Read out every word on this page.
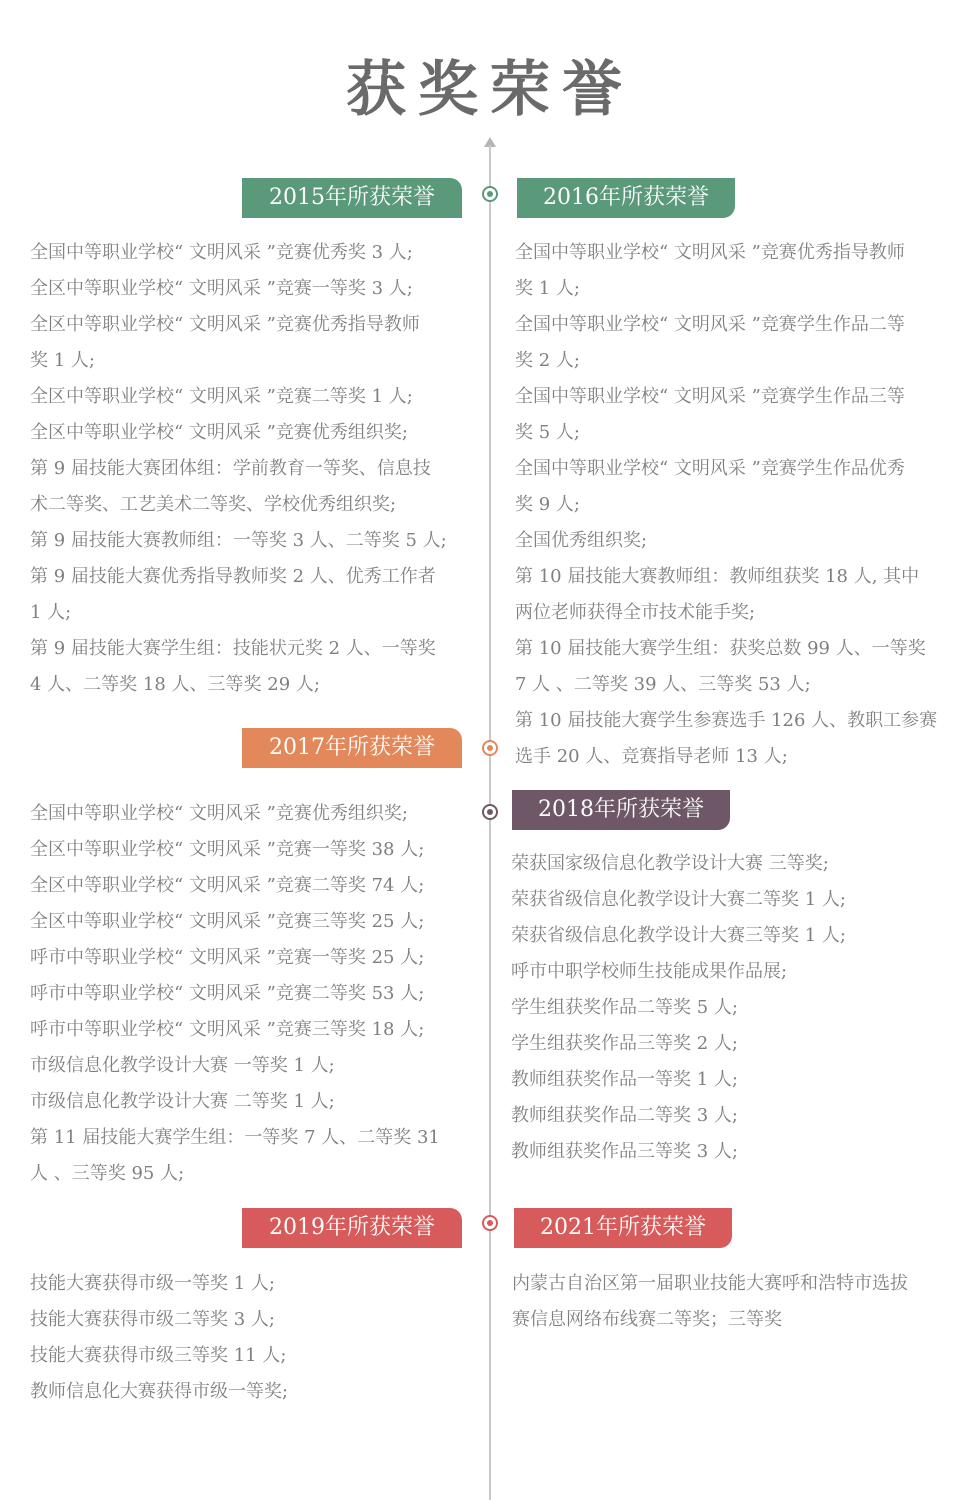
获奖荣誉
2015年所获荣誉
全国中等职业学校“ 文明风采 ”竞赛优秀奖 3 人;
全区中等职业学校“ 文明风采 ”竞赛一等奖 3 人;
全区中等职业学校“ 文明风采 ”竞赛优秀指导教师
奖 1 人;
全区中等职业学校“ 文明风采 ”竞赛二等奖 1 人;
全区中等职业学校“ 文明风采 ”竞赛优秀组织奖;
第 9 届技能大赛团体组：学前教育一等奖、信息技
术二等奖、工艺美术二等奖、学校优秀组织奖;
第 9 届技能大赛教师组：一等奖 3 人、二等奖 5 人;
第 9 届技能大赛优秀指导教师奖 2 人、优秀工作者
1 人;
第 9 届技能大赛学生组：技能状元奖 2 人、一等奖
4 人、二等奖 18 人、三等奖 29 人;
2016年所获荣誉
全国中等职业学校“ 文明风采 ”竞赛优秀指导教师
奖 1 人;
全国中等职业学校“ 文明风采 ”竞赛学生作品二等
奖 2 人;
全国中等职业学校“ 文明风采 ”竞赛学生作品三等
奖 5 人;
全国中等职业学校“ 文明风采 ”竞赛学生作品优秀
奖 9 人;
全国优秀组织奖;
第 10 届技能大赛教师组：教师组获奖 18 人, 其中
两位老师获得全市技术能手奖;
第 10 届技能大赛学生组：获奖总数 99 人、一等奖
7 人 、二等奖 39 人、三等奖 53 人;
第 10 届技能大赛学生参赛选手 126 人、教职工参赛
选手 20 人、竞赛指导老师 13 人;
2017年所获荣誉
全国中等职业学校“ 文明风采 ”竞赛优秀组织奖;
全区中等职业学校“ 文明风采 ”竞赛一等奖 38 人;
全区中等职业学校“ 文明风采 ”竞赛二等奖 74 人;
全区中等职业学校“ 文明风采 ”竞赛三等奖 25 人;
呼市中等职业学校“ 文明风采 ”竞赛一等奖 25 人;
呼市中等职业学校“ 文明风采 ”竞赛二等奖 53 人;
呼市中等职业学校“ 文明风采 ”竞赛三等奖 18 人;
市级信息化教学设计大赛 一等奖 1 人;
市级信息化教学设计大赛 二等奖 1 人;
第 11 届技能大赛学生组：一等奖 7 人、二等奖 31
人 、三等奖 95 人;
2018年所获荣誉
荣获国家级信息化教学设计大赛 三等奖;
荣获省级信息化教学设计大赛二等奖 1 人;
荣获省级信息化教学设计大赛三等奖 1 人;
呼市中职学校师生技能成果作品展;
学生组获奖作品二等奖 5 人;
学生组获奖作品三等奖 2 人;
教师组获奖作品一等奖 1 人;
教师组获奖作品二等奖 3 人;
教师组获奖作品三等奖 3 人;
2019年所获荣誉
技能大赛获得市级一等奖 1 人;
技能大赛获得市级二等奖 3 人;
技能大赛获得市级三等奖 11 人;
教师信息化大赛获得市级一等奖;
2021年所获荣誉
内蒙古自治区第一届职业技能大赛呼和浩特市选拔
赛信息网络布线赛二等奖；三等奖
